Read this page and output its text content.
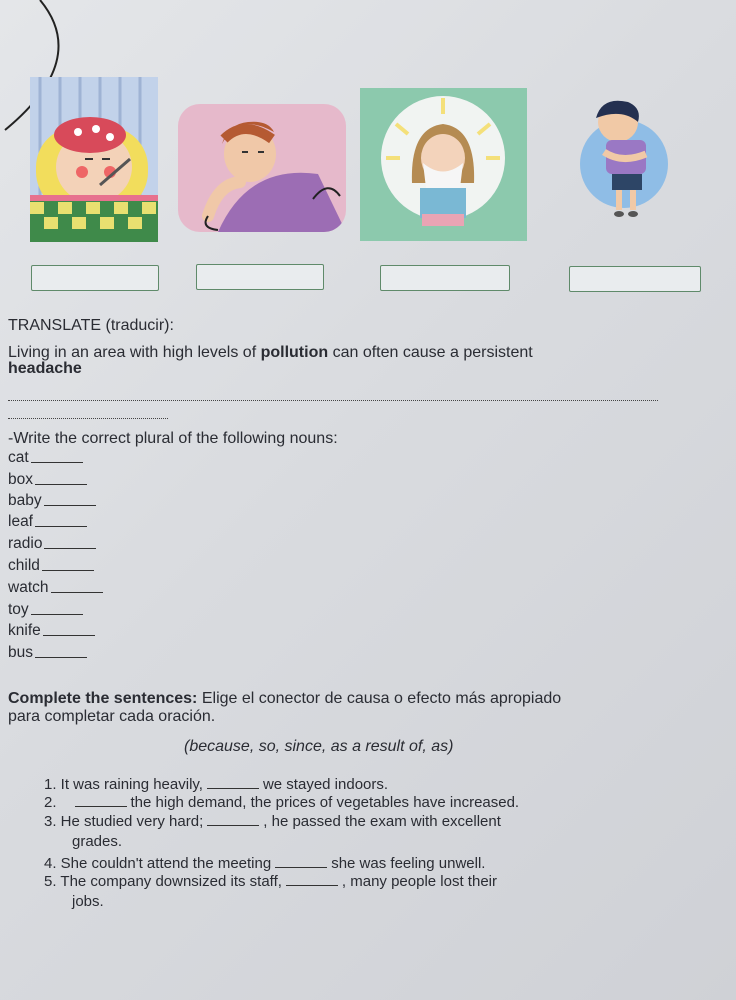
TRANSLATE (traducir):
Living in an area with high levels of pollution can often cause a persistent
headache
-Write the correct plural of the following nouns:
cat
box
baby
leaf
radio
child
watch
toy
knife
bus
Complete the sentences: Elige el conector de causa o efecto más apropiado
para completar cada oración.
(because, so, since, as a result of, as)
1. It was raining heavily,	we stayed indoors.
2.	the high demand, the prices of vegetables have increased.
3. He studied very hard;	, he passed the exam with excellent
grades.
4. She couldn't attend the meeting	she was feeling unwell.
5. The company downsized its staff,	, many people lost their
jobs.
